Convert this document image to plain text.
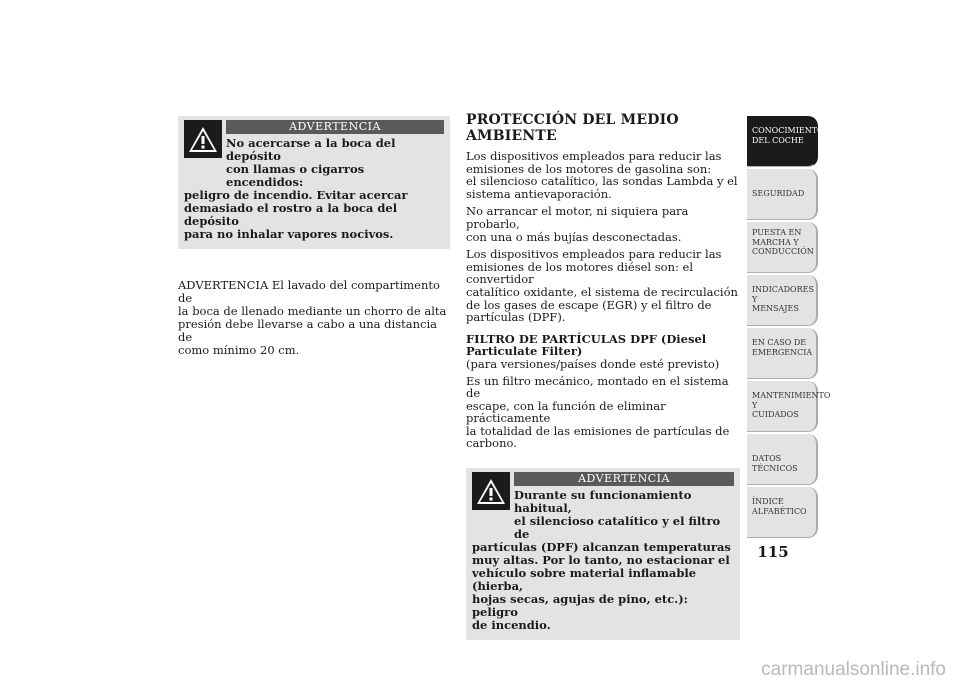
ADVERTENCIA
No acercarse a la boca del depósito
con llamas o cigarros encendidos:
peligro de incendio. Evitar acercar
demasiado el rostro a la boca del depósito
para no inhalar vapores nocivos.
ADVERTENCIA El lavado del compartimento de
la boca de llenado mediante un chorro de alta
presión debe llevarse a cabo a una distancia de
como mínimo 20 cm.
PROTECCIÓN DEL MEDIO AMBIENTE
Los dispositivos empleados para reducir las
emisiones de los motores de gasolina son:
el silencioso catalítico, las sondas Lambda y el
sistema antievaporación.
No arrancar el motor, ni siquiera para probarlo,
con una o más bujías desconectadas.
Los dispositivos empleados para reducir las
emisiones de los motores diésel son: el convertidor
catalítico oxidante, el sistema de recirculación
de los gases de escape (EGR) y el filtro de
partículas (DPF).
FILTRO DE PARTÍCULAS DPF (Diesel
Particulate Filter)
(para versiones/países donde esté previsto)
Es un filtro mecánico, montado en el sistema de
escape, con la función de eliminar prácticamente
la totalidad de las emisiones de partículas de
carbono.
ADVERTENCIA
Durante su funcionamiento habitual,
el silencioso catalítico y el filtro de
partículas (DPF) alcanzan temperaturas
muy altas. Por lo tanto, no estacionar el
vehículo sobre material inflamable (hierba,
hojas secas, agujas de pino, etc.): peligro
de incendio.
CONOCIMIENTO
DEL COCHE
SEGURIDAD
PUESTA EN
MARCHA Y
CONDUCCIÓN
INDICADORES Y
MENSAJES
EN CASO DE
EMERGENCIA
MANTENIMIENTO Y
CUIDADOS
DATOS TÉCNICOS
ÍNDICE
ALFABÉTICO
115
carmanualsonline.info
